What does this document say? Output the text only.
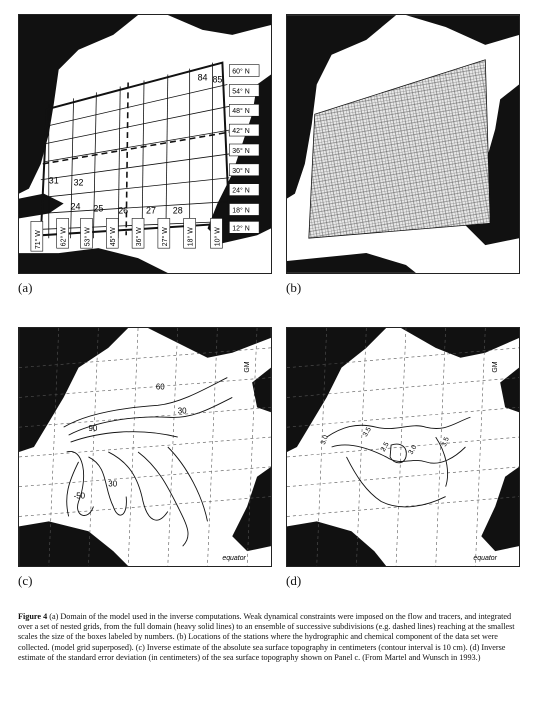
60° N
54° N
48° N
42° N
36° N
30° N
24° N
18° N
12° N
71° W	62° W 53° W	45° W	36° W	27° W	18° W	10° W
84 85
31 32
24 25 26 27 28
(a)	(b)
60
30
90
30
-50
GM
equator
(c)
3.0
3.5
2.5 3.0
3.5
GM
equator
(d)
Figure 4 (a) Domain of the model used in the inverse computations. Weak dynamical constraints were imposed on the flow and tracers, and integrated over a set of nested grids, from the full domain (heavy solid lines) to an ensemble of successive subdivisions (e.g. dashed lines) reaching at the smallest scales the size of the boxes labeled by numbers. (b) Locations of the stations where the hydrographic and chemical component of the data set were collected. (model grid superposed). (c) Inverse estimate of the absolute sea surface topography in centimeters (contour interval is 10 cm). (d) Inverse estimate of the standard error deviation (in centimeters) of the sea surface topography shown on Panel c. (From Martel and Wunsch in 1993.)
